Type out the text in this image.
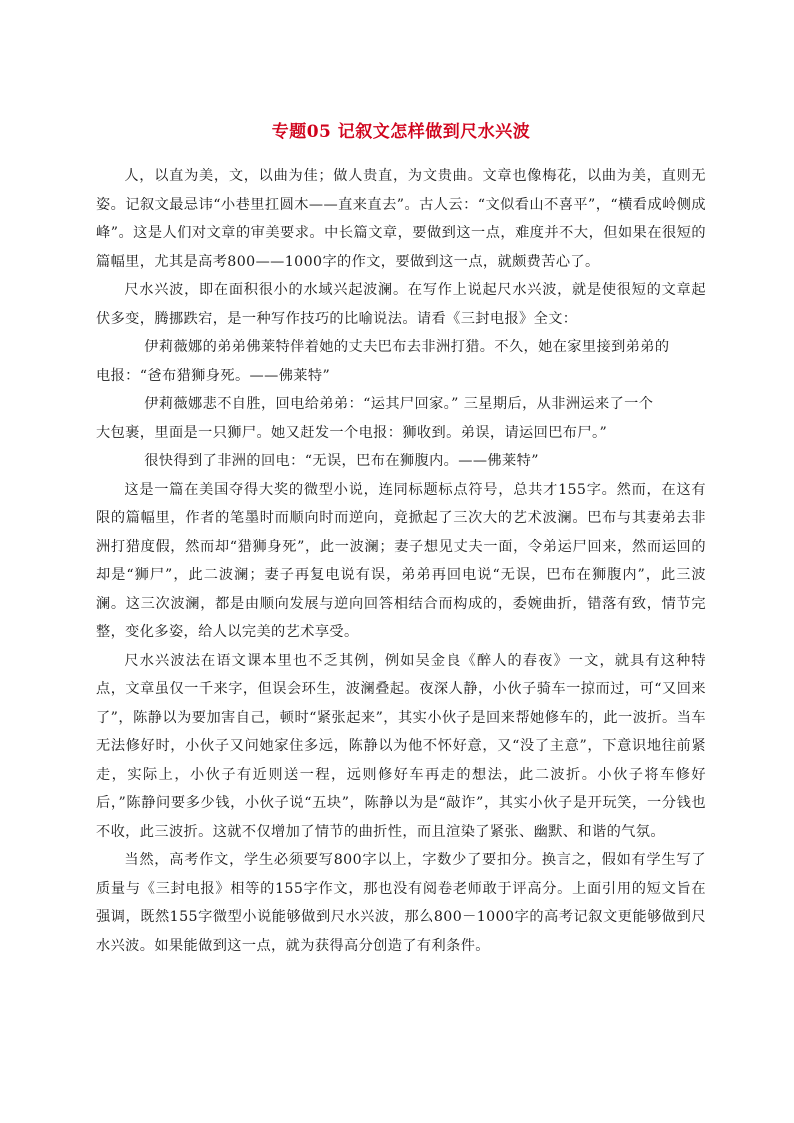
专题05 记叙文怎样做到尺水兴波

人，以直为美，文，以曲为佳；做人贵直，为文贵曲。文章也像梅花，以曲为美，直则无姿。记叙文最忌讳“小巷里扛圆木——直来直去”。古人云：“文似看山不喜平”，“横看成岭侧成峰”。这是人们对文章的审美要求。中长篇文章，要做到这一点，难度并不大，但如果在很短的篇幅里，尤其是高考800——1000字的作文，要做到这一点，就颇费苦心了。

尺水兴波，即在面积很小的水域兴起波澜。在写作上说起尺水兴波，就是使很短的文章起伏多变，腾挪跌宕，是一种写作技巧的比喻说法。请看《三封电报》全文：

伊莉薇娜的弟弟佛莱特伴着她的丈夫巴布去非洲打猎。不久，她在家里接到弟弟的
电报：“爸布猎狮身死。——佛莱特”

伊莉薇娜悲不自胜，回电给弟弟：“运其尸回家。” 三星期后，从非洲运来了一个
大包裹，里面是一只狮尸。她又赶发一个电报：狮收到。弟误，请运回巴布尸。”

很快得到了非洲的回电：“无误，巴布在狮腹内。——佛莱特”

这是一篇在美国夺得大奖的微型小说，连同标题标点符号，总共才155字。然而，在这有限的篇幅里，作者的笔墨时而顺向时而逆向，竟掀起了三次大的艺术波澜。巴布与其妻弟去非洲打猎度假，然而却“猎狮身死”，此一波澜；妻子想见丈夫一面，令弟运尸回来，然而运回的却是“狮尸”，此二波澜；妻子再复电说有误，弟弟再回电说“无误，巴布在狮腹内”，此三波澜。这三次波澜，都是由顺向发展与逆向回答相结合而构成的，委婉曲折，错落有致，情节完整，变化多姿，给人以完美的艺术享受。

尺水兴波法在语文课本里也不乏其例，例如吴金良《醉人的春夜》一文，就具有这种特点，文章虽仅一千来字，但误会环生，波澜叠起。夜深人静，小伙子骑车一掠而过，可“又回来了”，陈静以为要加害自己，顿时“紧张起来”，其实小伙子是回来帮她修车的，此一波折。当车无法修好时，小伙子又问她家住多远，陈静以为他不怀好意，又“没了主意”，下意识地往前紧走，实际上，小伙子有近则送一程，远则修好车再走的想法，此二波折。小伙子将车修好后，”陈静问要多少钱，小伙子说“五块”，陈静以为是“敲诈”，其实小伙子是开玩笑，一分钱也不收，此三波折。这就不仅增加了情节的曲折性，而且渲染了紧张、幽默、和谐的气氛。

当然，高考作文，学生必须要写800字以上，字数少了要扣分。换言之，假如有学生写了质量与《三封电报》相等的155字作文，那也没有阅卷老师敢于评高分。上面引用的短文旨在强调，既然155字微型小说能够做到尺水兴波，那么800－1000字的高考记叙文更能够做到尺水兴波。如果能做到这一点，就为获得高分创造了有利条件。
